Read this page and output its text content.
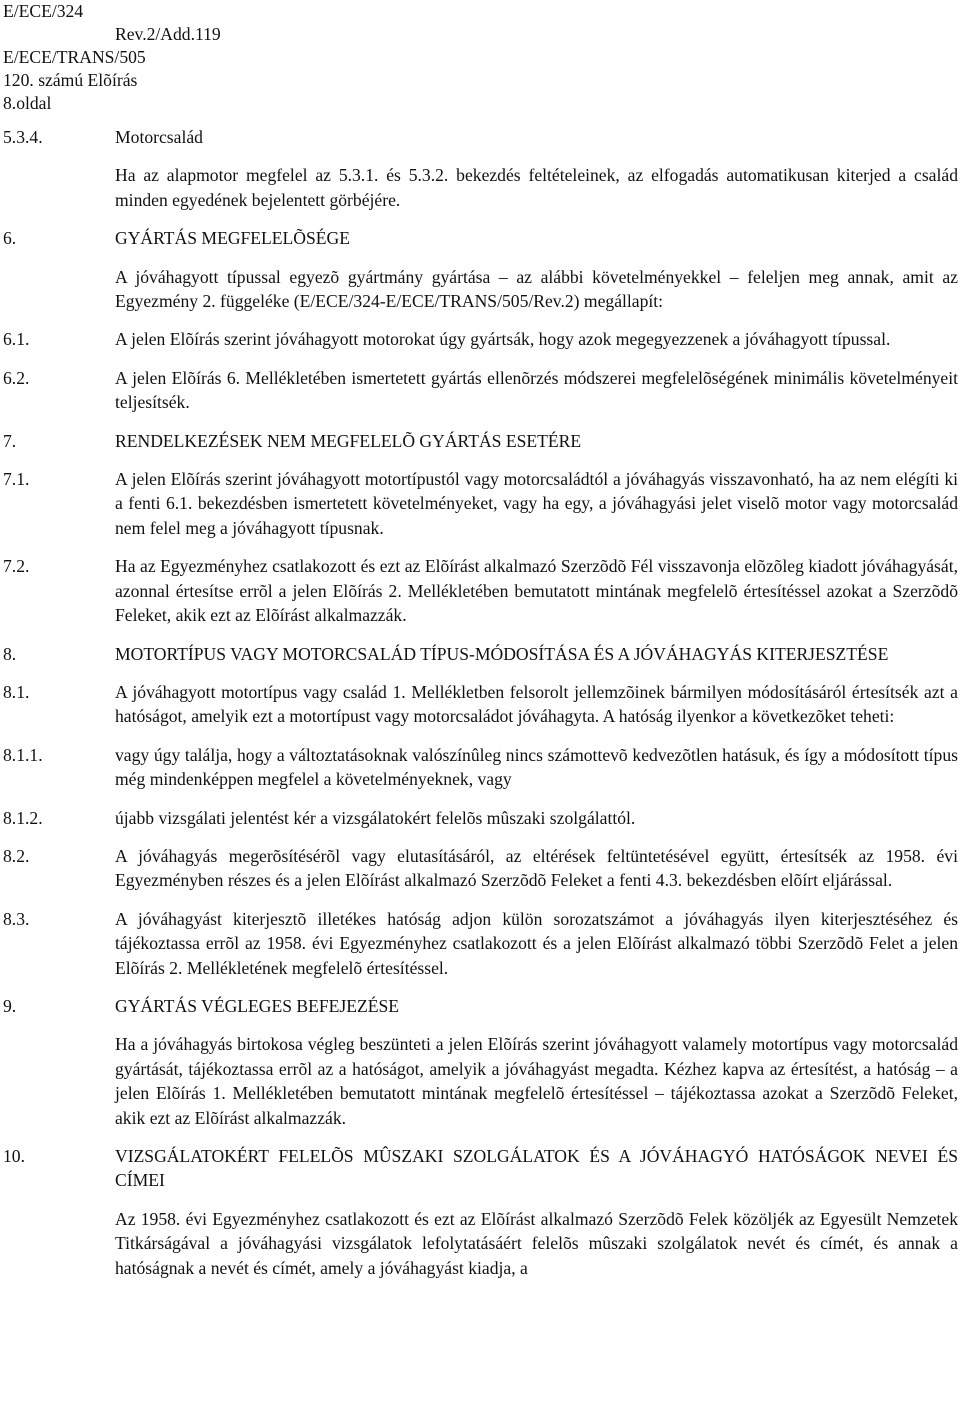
E/ECE/324
Rev.2/Add.119
E/ECE/TRANS/505
120. számú Elõírás
8.oldal
5.3.4.	Motorcsalád
Ha az alapmotor megfelel az 5.3.1. és 5.3.2. bekezdés feltételeinek, az elfogadás automatikusan kiterjed a család minden egyedének bejelentett görbéjére.
6.	GYÁRTÁS MEGFELELÕSÉGE
A jóváhagyott típussal egyezõ gyártmány gyártása – az alábbi követelményekkel – feleljen meg annak, amit az Egyezmény 2. függeléke (E/ECE/324-E/ECE/TRANS/505/Rev.2) megállapít:
6.1.	A jelen Elõírás szerint jóváhagyott motorokat úgy gyártsák, hogy azok megegyezzenek a jóváhagyott típussal.
6.2.	A jelen Elõírás 6. Mellékletében ismertetett gyártás ellenõrzés módszerei megfelelõségének minimális követelményeit teljesítsék.
7.	RENDELKEZÉSEK NEM MEGFELELÕ GYÁRTÁS ESETÉRE
7.1.	A jelen Elõírás szerint jóváhagyott motortípustól vagy motorcsaládtól a jóváhagyás visszavonható, ha az nem elégíti ki a fenti 6.1. bekezdésben ismertetett követelményeket, vagy ha egy, a jóváhagyási jelet viselõ motor vagy motorcsalád nem felel meg a jóváhagyott típusnak.
7.2.	Ha az Egyezményhez csatlakozott és ezt az Elõírást alkalmazó Szerzõdõ Fél visszavonja elõzõleg kiadott jóváhagyását, azonnal értesítse errõl a jelen Elõírás 2. Mellékletében bemutatott mintának megfelelõ értesítéssel azokat a Szerzõdõ Feleket, akik ezt az Elõírást alkalmazzák.
8.	MOTORTÍPUS VAGY MOTORCSALÁD TÍPUS-MÓDOSÍTÁSA ÉS A JÓVÁHAGYÁS KITERJESZTÉSE
8.1.	A jóváhagyott motortípus vagy család 1. Mellékletben felsorolt jellemzõinek bármilyen módosításáról értesítsék azt a hatóságot, amelyik ezt a motortípust vagy motorcsaládot jóváhagyta. A hatóság ilyenkor a következõket teheti:
8.1.1.	vagy úgy találja, hogy a változtatásoknak valószínûleg nincs számottevõ kedvezõtlen hatásuk, és így a módosított típus még mindenképpen megfelel a követelményeknek, vagy
8.1.2.	újabb vizsgálati jelentést kér a vizsgálatokért felelõs mûszaki szolgálattól.
8.2.	A jóváhagyás megerõsítésérõl vagy elutasításáról, az eltérések feltüntetésével együtt, értesítsék az 1958. évi Egyezményben részes és a jelen Elõírást alkalmazó Szerzõdõ Feleket a fenti 4.3. bekezdésben elõírt eljárással.
8.3.	A jóváhagyást kiterjesztõ illetékes hatóság adjon külön sorozatszámot a jóváhagyás ilyen kiterjesztéséhez és tájékoztassa errõl az 1958. évi Egyezményhez csatlakozott és a jelen Elõírást alkalmazó többi Szerzõdõ Felet a jelen Elõírás 2. Mellékletének megfelelõ értesítéssel.
9.	GYÁRTÁS VÉGLEGES BEFEJEZÉSE
Ha a jóváhagyás birtokosa végleg beszünteti a jelen Elõírás szerint jóváhagyott valamely motortípus vagy motorcsalád gyártását, tájékoztassa errõl az a hatóságot, amelyik a jóváhagyást megadta. Kézhez kapva az értesítést, a hatóság – a jelen Elõírás 1. Mellékletében bemutatott mintának megfelelõ értesítéssel – tájékoztassa azokat a Szerzõdõ Feleket, akik ezt az Elõírást alkalmazzák.
10.	VIZSGÁLATOKÉRT FELELÕS MÛSZAKI SZOLGÁLATOK ÉS A JÓVÁHAGYÓ HATÓSÁGOK NEVEI ÉS CÍMEI
Az 1958. évi Egyezményhez csatlakozott és ezt az Elõírást alkalmazó Szerzõdõ Felek közöljék az Egyesült Nemzetek Titkárságával a jóváhagyási vizsgálatok lefolytatásáért felelõs mûszaki szolgálatok nevét és címét, és annak a hatóságnak a nevét és címét, amely a jóváhagyást kiadja, a
